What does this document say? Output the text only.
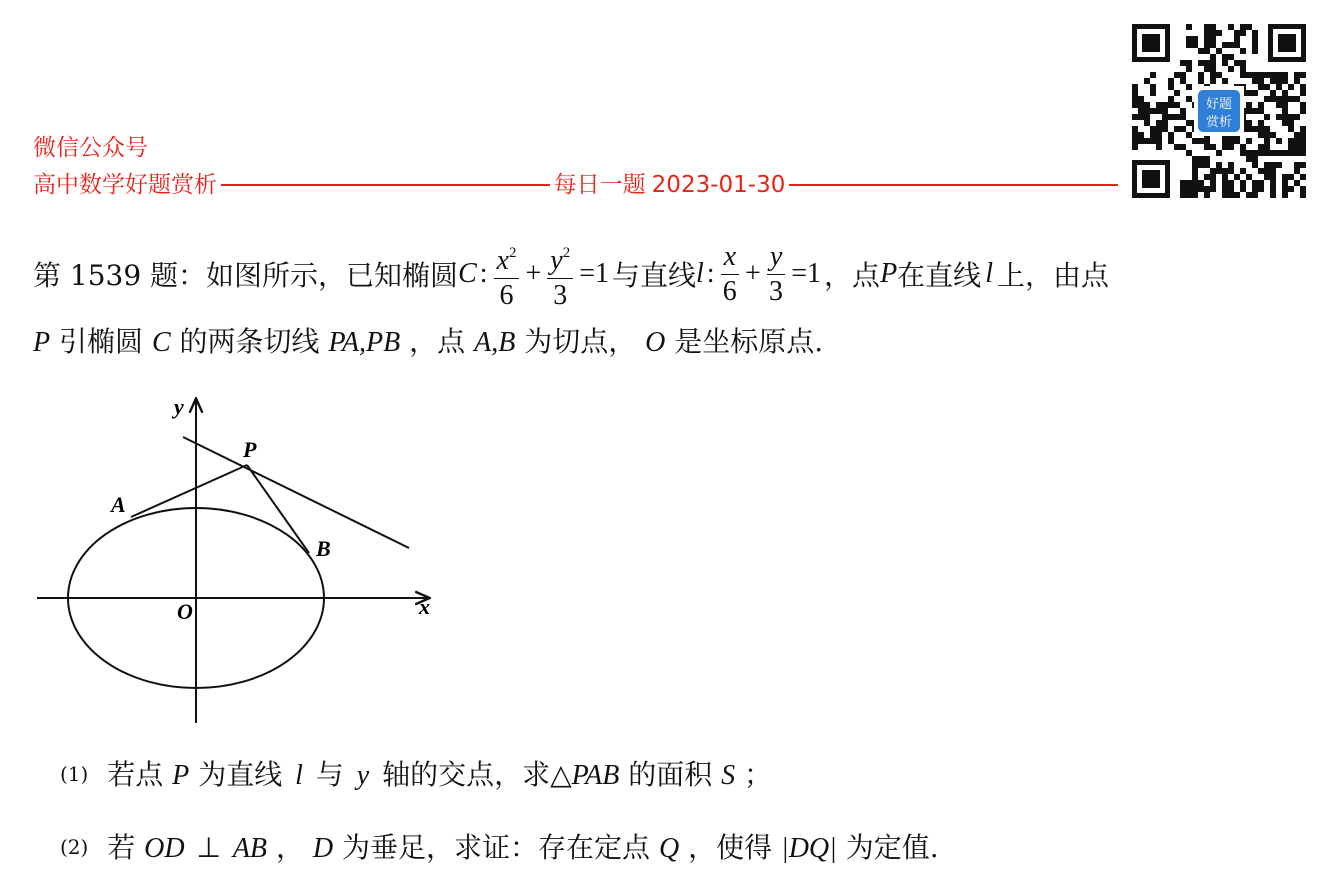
微信公众号
高中数学好题赏析	每日一题 2023-01-30
好题
赏析
第 1539 题：如图所示，已知椭圆 C : $\frac{x^2}{6} + \frac{y^2}{3} =1$ 与直线 l : $\frac{x}{6} + \frac{y}{3} =1$ ，点 P 在直线 l 上，由点
P 引椭圆 C 的两条切线 PA,PB ，点 A,B 为切点， O 是坐标原点.
y
x
O
P
A
B
(1) 若点 P 为直线 l 与 y 轴的交点，求△PAB 的面积 S ；
(2) 若 OD ⊥ AB ， D 为垂足，求证：存在定点 Q ，使得 |DQ| 为定值.
